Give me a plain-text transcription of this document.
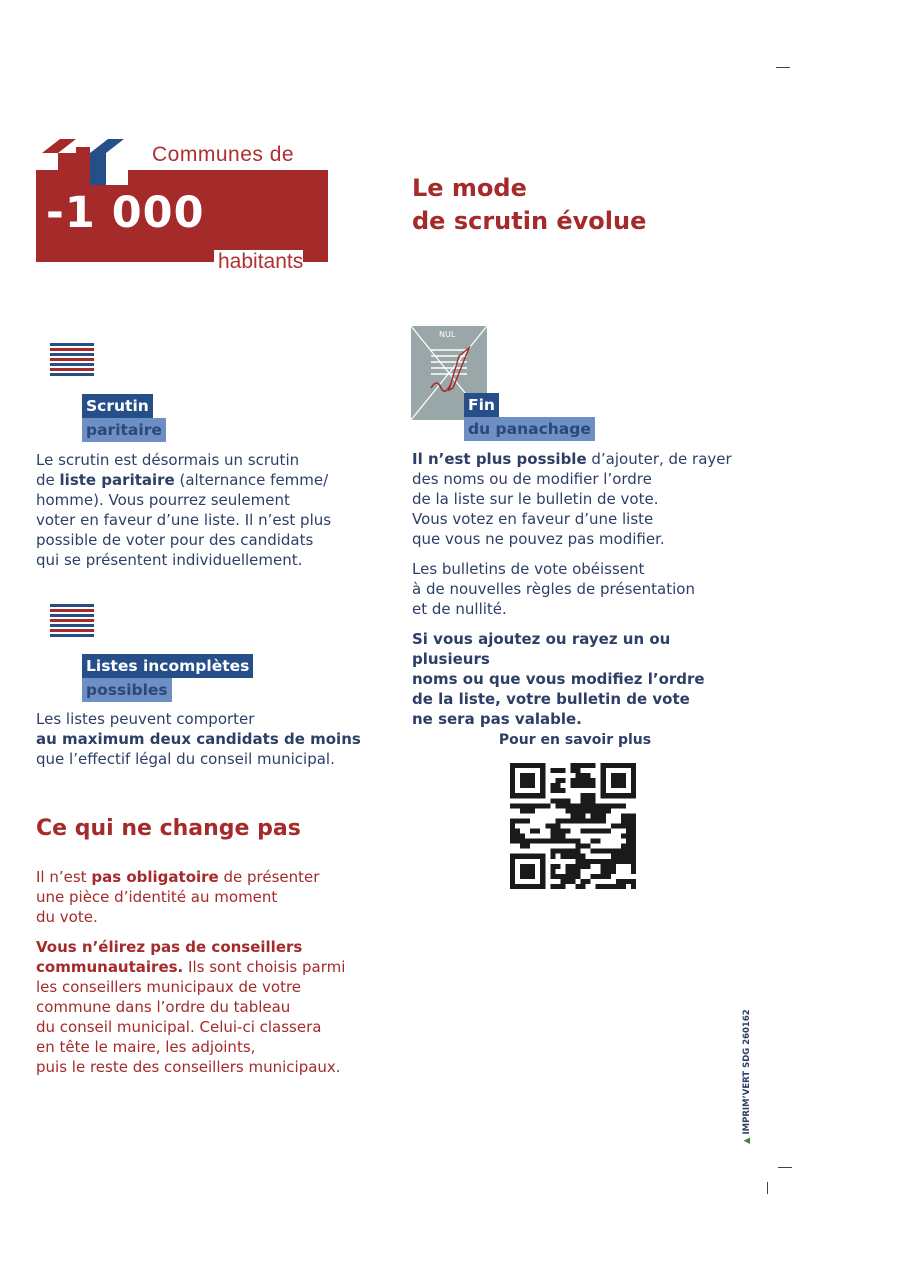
Communes de
-1 000
habitants
Le mode
de scrutin évolue
Scrutin
paritaire
Le scrutin est désormais un scrutin
de liste paritaire (alternance femme/
homme). Vous pourrez seulement
voter en faveur d’une liste. Il n’est plus
possible de voter pour des candidats
qui se présentent individuellement.
Listes incomplètes
possibles
Les listes peuvent comporter
au maximum deux candidats de moins
que l’effectif légal du conseil municipal.
Ce qui ne change pas
Il n’est pas obligatoire de présenter
une pièce d’identité au moment
du vote.
Vous n’élirez pas de conseillers
communautaires. Ils sont choisis parmi
les conseillers municipaux de votre
commune dans l’ordre du tableau
du conseil municipal. Celui-ci classera
en tête le maire, les adjoints,
puis le reste des conseillers municipaux.
NUL
Fin
du panachage
Il n’est plus possible d’ajouter, de rayer
des noms ou de modifier l’ordre
de la liste sur le bulletin de vote.
Vous votez en faveur d’une liste
que vous ne pouvez pas modifier.
Les bulletins de vote obéissent
à de nouvelles règles de présentation
et de nullité.
Si vous ajoutez ou rayez un ou plusieurs
noms ou que vous modifiez l’ordre
de la liste, votre bulletin de vote
ne sera pas valable.
Pour en savoir plus
▲ IMPRIM’VERT SDG 260162
